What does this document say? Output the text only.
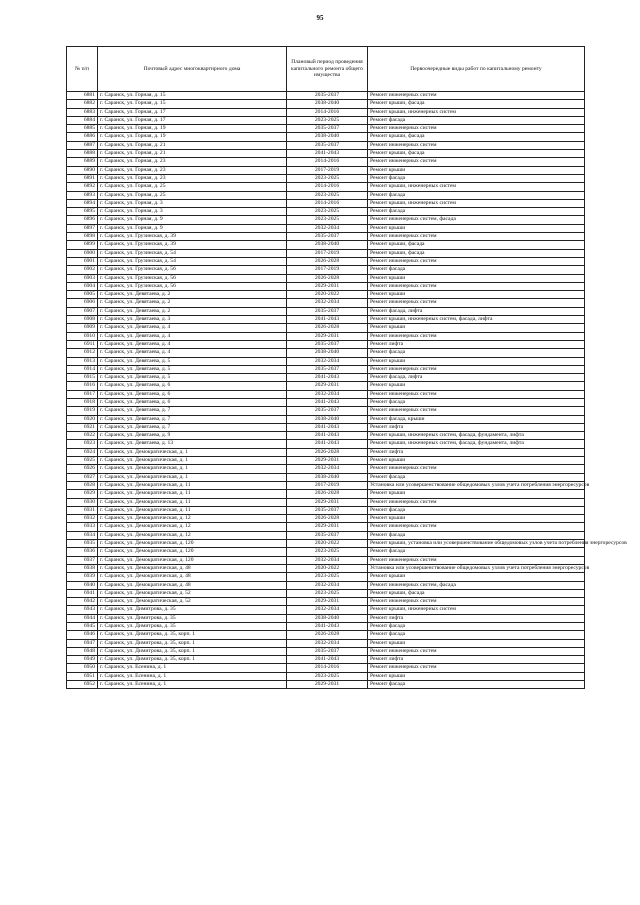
95
№ п/п	Почтовый адрес многоквартирного дома	Плановый период проведения капитального ремонта общего имущества	Первоочередные виды работ по капитальному ремонту
6881	г. Саранск, ул. Горная, д. 15	2035-2037	Ремонт инженерных систем
6882	г. Саранск, ул. Горная, д. 15	2038-2040	Ремонт крыши, фасада
6883	г. Саранск, ул. Горная, д. 17	2014-2016	Ремонт крыши, инженерных систем
6884	г. Саранск, ул. Горная, д. 17	2023-2025	Ремонт фасада
6885	г. Саранск, ул. Горная, д. 19	2035-2037	Ремонт инженерных систем
6886	г. Саранск, ул. Горная, д. 19	2038-2040	Ремонт крыши, фасада
6887	г. Саранск, ул. Горная, д. 21	2035-2037	Ремонт инженерных систем
6888	г. Саранск, ул. Горная, д. 21	2041-2043	Ремонт крыши, фасада
6889	г. Саранск, ул. Горная, д. 23	2014-2016	Ремонт инженерных систем
6890	г. Саранск, ул. Горная, д. 23	2017-2019	Ремонт крыши
6891	г. Саранск, ул. Горная, д. 23	2023-2025	Ремонт фасада
6892	г. Саранск, ул. Горная, д. 25	2014-2016	Ремонт крыши, инженерных систем
6893	г. Саранск, ул. Горная, д. 25	2023-2025	Ремонт фасада
6894	г. Саранск, ул. Горная, д. 3	2014-2016	Ремонт крыши, инженерных систем
6895	г. Саранск, ул. Горная, д. 3	2023-2025	Ремонт фасада
6896	г. Саранск, ул. Горная, д. 9	2023-2025	Ремонт инженерных систем, фасада
6897	г. Саранск, ул. Горная, д. 9	2032-2034	Ремонт крыши
6898	г. Саранск, ул. Грузинская, д. 39	2035-2037	Ремонт инженерных систем
6899	г. Саранск, ул. Грузинская, д. 39	2038-2040	Ремонт крыши, фасада
6900	г. Саранск, ул. Грузинская, д. 54	2017-2019	Ремонт крыши, фасада
6901	г. Саранск, ул. Грузинская, д. 54	2026-2028	Ремонт инженерных систем
6902	г. Саранск, ул. Грузинская, д. 56	2017-2019	Ремонт фасада
6903	г. Саранск, ул. Грузинская, д. 56	2026-2028	Ремонт крыши
6904	г. Саранск, ул. Грузинская, д. 56	2029-2031	Ремонт инженерных систем
6905	г. Саранск, ул. Девятаева, д. 2	2020-2022	Ремонт крыши
6906	г. Саранск, ул. Девятаева, д. 2	2032-2034	Ремонт инженерных систем
6907	г. Саранск, ул. Девятаева, д. 2	2035-2037	Ремонт фасада, лифта
6908	г. Саранск, ул. Девятаева, д. 3	2041-2043	Ремонт крыши, инженерных систем, фасада, лифта
6909	г. Саранск, ул. Девятаева, д. 4	2026-2028	Ремонт крыши
6910	г. Саранск, ул. Девятаева, д. 4	2029-2031	Ремонт инженерных систем
6911	г. Саранск, ул. Девятаева, д. 4	2035-2037	Ремонт лифта
6912	г. Саранск, ул. Девятаева, д. 4	2038-2040	Ремонт фасада
6913	г. Саранск, ул. Девятаева, д. 5	2032-2034	Ремонт крыши
6914	г. Саранск, ул. Девятаева, д. 5	2035-2037	Ремонт инженерных систем
6915	г. Саранск, ул. Девятаева, д. 5	2041-2043	Ремонт фасада, лифта
6916	г. Саранск, ул. Девятаева, д. 6	2029-2031	Ремонт крыши
6917	г. Саранск, ул. Девятаева, д. 6	2032-2034	Ремонт инженерных систем
6918	г. Саранск, ул. Девятаева, д. 6	2041-2043	Ремонт фасада
6919	г. Саранск, ул. Девятаева, д. 7	2035-2037	Ремонт инженерных систем
6920	г. Саранск, ул. Девятаева, д. 7	2038-2040	Ремонт фасада, крыши
6921	г. Саранск, ул. Девятаева, д. 7	2041-2043	Ремонт лифта
6922	г. Саранск, ул. Девятаева, д. 9	2041-2043	Ремонт крыши, инженерных систем, фасада, фундамента, лифта
6923	г. Саранск, ул. Девятаева, д. 13	2041-2043	Ремонт крыши, инженерных систем, фасада, фундамента, лифта
6924	г. Саранск, ул. Демократическая, д. 1	2026-2028	Ремонт лифта
6925	г. Саранск, ул. Демократическая, д. 1	2029-2031	Ремонт крыши
6926	г. Саранск, ул. Демократическая, д. 1	2032-2034	Ремонт инженерных систем
6927	г. Саранск, ул. Демократическая, д. 1	2038-2040	Ремонт фасада
6928	г. Саранск, ул. Демократическая, д. 11	2017-2019	Установка или усовершенствование общедомовых узлов учета потребления энергоресурсов
6929	г. Саранск, ул. Демократическая, д. 11	2026-2028	Ремонт крыши
6930	г. Саранск, ул. Демократическая, д. 11	2029-2031	Ремонт инженерных систем
6931	г. Саранск, ул. Демократическая, д. 11	2035-2037	Ремонт фасада
6932	г. Саранск, ул. Демократическая, д. 12	2026-2028	Ремонт крыши
6933	г. Саранск, ул. Демократическая, д. 12	2029-2031	Ремонт инженерных систем
6934	г. Саранск, ул. Демократическая, д. 12	2035-2037	Ремонт фасада
6935	г. Саранск, ул. Демократическая, д. 120	2020-2022	Ремонт крыши, установка или усовершенствование общедомовых узлов учета потребления энергоресурсов
6936	г. Саранск, ул. Демократическая, д. 120	2023-2025	Ремонт фасада
6937	г. Саранск, ул. Демократическая, д. 120	2032-2034	Ремонт инженерных систем
6938	г. Саранск, ул. Демократическая, д. 48	2020-2022	Установка или усовершенствование общедомовых узлов учета потребления энергоресурсов
6939	г. Саранск, ул. Демократическая, д. 48	2023-2025	Ремонт крыши
6940	г. Саранск, ул. Демократическая, д. 48	2032-2034	Ремонт инженерных систем, фасада
6941	г. Саранск, ул. Демократическая, д. 52	2023-2025	Ремонт крыши, фасада
6942	г. Саранск, ул. Демократическая, д. 52	2029-2031	Ремонт инженерных систем
6943	г. Саранск, ул. Димитрова, д. 35	2032-2034	Ремонт крыши, инженерных систем
6944	г. Саранск, ул. Димитрова, д. 35	2038-2040	Ремонт лифта
6945	г. Саранск, ул. Димитрова, д. 35	2041-2043	Ремонт фасада
6946	г. Саранск, ул. Димитрова, д. 35, корп. 1	2026-2028	Ремонт фасада
6947	г. Саранск, ул. Димитрова, д. 35, корп. 1	2032-2034	Ремонт крыши
6948	г. Саранск, ул. Димитрова, д. 35, корп. 1	2035-2037	Ремонт инженерных систем
6949	г. Саранск, ул. Димитрова, д. 35, корп. 1	2041-2043	Ремонт лифта
6950	г. Саранск, ул. Есенина, д. 1	2014-2016	Ремонт инженерных систем
6951	г. Саранск, ул. Есенина, д. 1	2023-2025	Ремонт крыши
6952	г. Саранск, ул. Есенина, д. 1	2029-2031	Ремонт фасада
